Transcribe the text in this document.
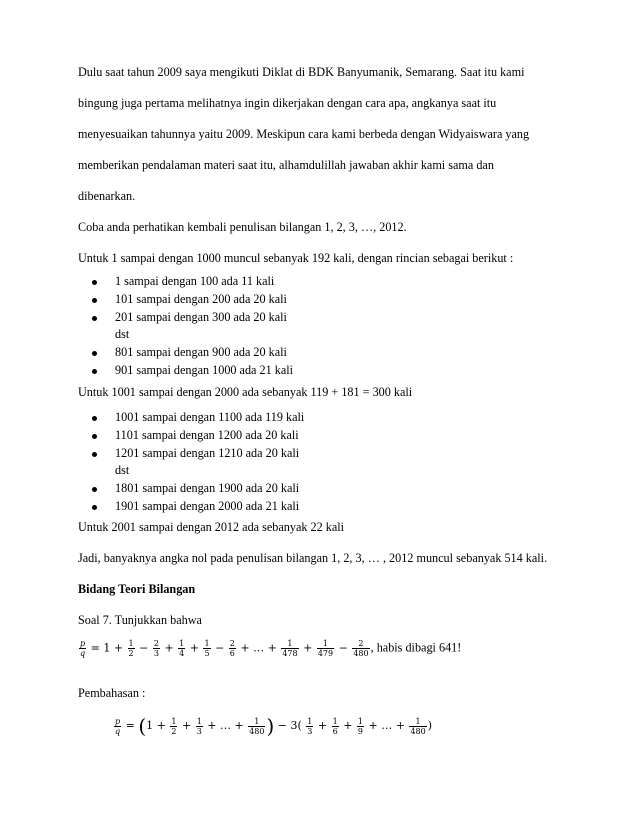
Dulu saat tahun 2009 saya mengikuti Diklat di BDK Banyumanik, Semarang. Saat itu kami
bingung juga pertama melihatnya ingin dikerjakan dengan cara apa, angkanya saat itu
menyesuaikan tahunnya yaitu 2009. Meskipun cara kami berbeda dengan Widyaiswara yang
memberikan pendalaman materi saat itu, alhamdulillah jawaban akhir kami sama dan
dibenarkan.
Coba anda perhatikan kembali penulisan bilangan 1, 2, 3, …, 2012.
Untuk 1 sampai dengan 1000 muncul sebanyak 192 kali, dengan rincian sebagai berikut :
1 sampai dengan 100 ada 11 kali
101 sampai dengan 200 ada 20 kali
201 sampai dengan 300 ada 20 kali
dst
801 sampai dengan 900 ada 20 kali
901 sampai dengan 1000 ada 21 kali
Untuk 1001 sampai dengan 2000 ada sebanyak 119 + 181 = 300 kali
1001 sampai dengan 1100 ada 119 kali
1101 sampai dengan 1200 ada 20 kali
1201 sampai dengan 1210 ada 20 kali
dst
1801 sampai dengan 1900 ada 20 kali
1901 sampai dengan 2000 ada 21 kali
Untuk 2001 sampai dengan 2012 ada sebanyak 22 kali
Jadi, banyaknya angka nol pada penulisan bilangan 1, 2, 3, … , 2012 muncul sebanyak 514 kali.
Bidang Teori Bilangan
Soal 7. Tunjukkan bahwa
$\frac{p}{q} = 1 + \frac{1}{2} - \frac{2}{3} + \frac{1}{4} + \frac{1}{5} - \frac{2}{6}$ + … + $\frac{1}{478} + \frac{1}{479} - \frac{2}{480}$ , habis dibagi 641!
Pembahasan :
$\frac{p}{q} = (1 + \frac{1}{2} + \frac{1}{3}$ + … + $\frac{1}{480}$ ) − $3( \frac{1}{3} + \frac{1}{6} + \frac{1}{9}$ + … + $\frac{1}{480}$ )
